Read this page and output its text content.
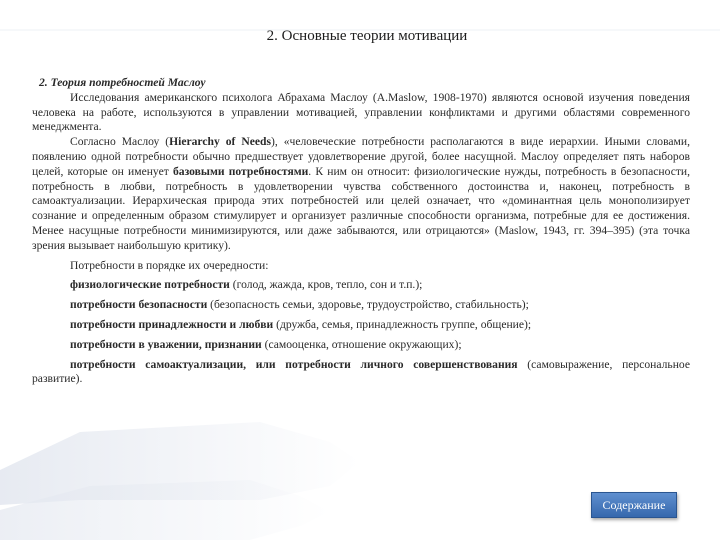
2. Основные теории мотивации

2. Теория потребностей Маслоу

Исследования американского психолога Абрахама Маслоу (A.Maslow, 1908-1970) являются основой изучения поведения человека на работе, используются в управлении мотивацией, управлении конфликтами и другими областями современного менеджмента.

Согласно Маслоу (Hierarchy of Needs), «человеческие потребности располагаются в виде иерархии. Иными словами, появлению одной потребности обычно предшествует удовлетворение другой, более насущной. Маслоу определяет пять наборов целей, которые он именует базовыми потребностями. К ним он относит: физиологические нужды, потребность в безопасности, потребность в любви, потребность в удовлетворении чувства собственного достоинства и, наконец, потребность в самоактуализации. Иерархическая природа этих потребностей или целей означает, что «доминантная цель монополизирует сознание и определенным образом стимулирует и организует различные способности организма, потребные для ее достижения. Менее насущные потребности минимизируются, или даже забываются, или отрицаются» (Maslow, 1943, гг. 394–395) (эта точка зрения вызывает наибольшую критику).

Потребности в порядке их очередности:

физиологические потребности (голод, жажда, кров, тепло, сон и т.п.);

потребности безопасности (безопасность семьи, здоровье, трудоустройство, стабильность);

потребности принадлежности и любви (дружба, семья, принадлежность группе, общение);

потребности в уважении, признании (самооценка, отношение окружающих);

потребности самоактуализации, или потребности личного совершенствования (самовыражение, персональное развитие).

Содержание
